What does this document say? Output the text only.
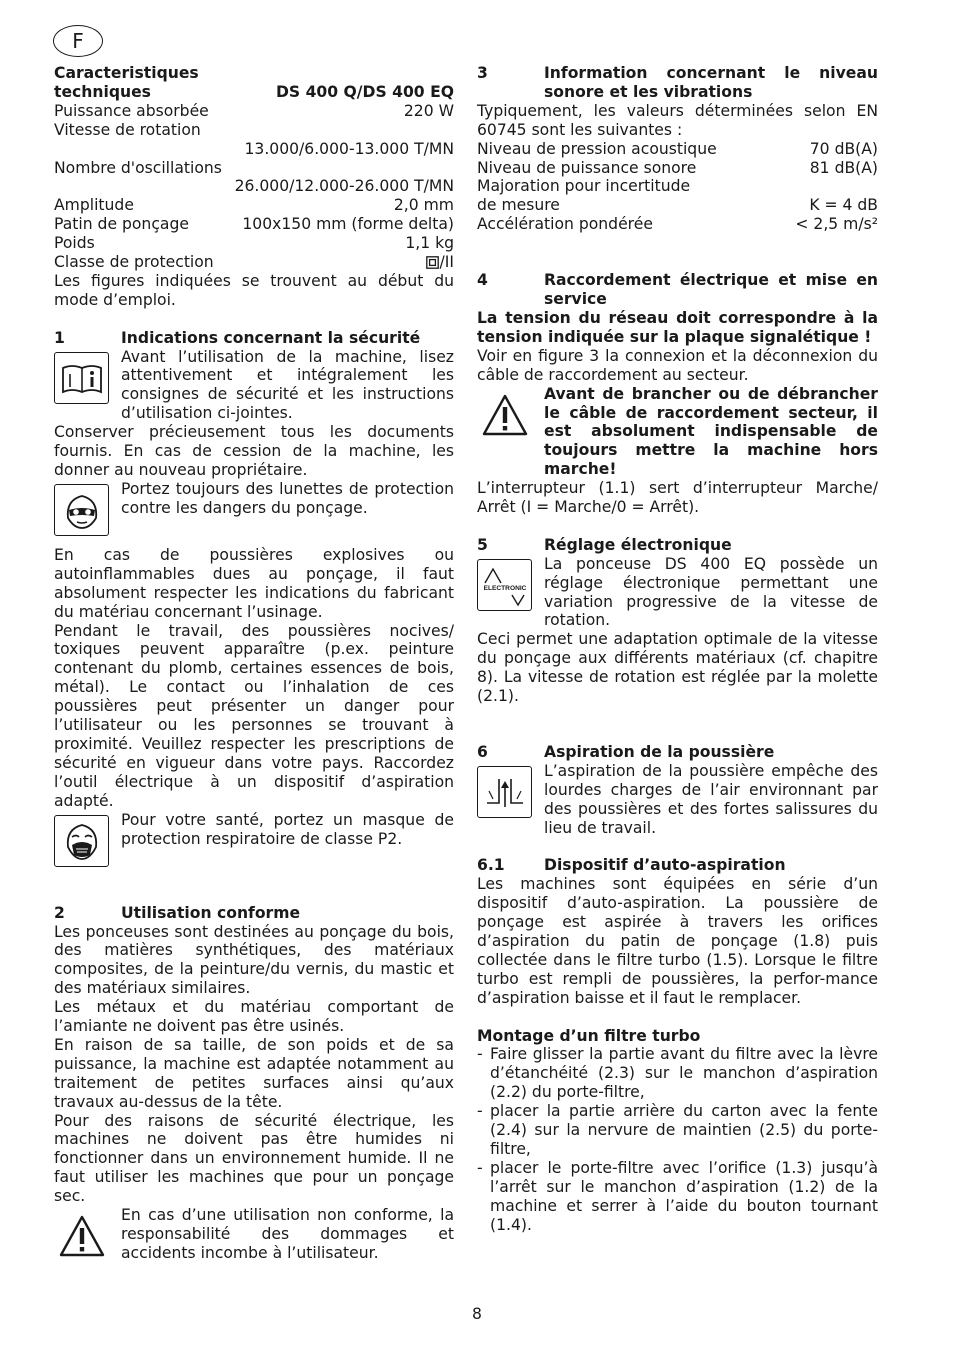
F
Caracteristiques
techniques	DS 400 Q/DS 400 EQ
Puissance absorbée	220 W
Vitesse de rotation
13.000/6.000-13.000 T/MN
Nombre d'oscillations
26.000/12.000-26.000 T/MN
Amplitude	2,0 mm
Patin de ponçage	100x150 mm (forme delta)
Poids	1,1 kg
Classe de protection	/II

Les figures indiquées se trouvent au début du mode d’emploi.

1	Indications concernant la sécurité

Avant l’utilisation de la machine, lisez attentivement et intégralement les consignes de sécurité et les instructions d’utilisation ci-jointes.

Conserver précieusement tous les documents fournis. En cas de cession de la machine, les donner au nouveau propriétaire.

Portez toujours des lunettes de protection contre les dangers du ponçage.

En cas de poussières explosives ou autoinflammables dues au ponçage, il faut absolument respecter les indications du fabricant du matériau concernant l’usinage.

Pendant le travail, des poussières nocives/ toxiques peuvent apparaître (p.ex. peinture contenant du plomb, certaines essences de bois, métal). Le contact ou l’inhalation de ces poussières peut présenter un danger pour l’utilisateur ou les personnes se trouvant à proximité. Veuillez respecter les prescriptions de sécurité en vigueur dans votre pays. Raccordez l’outil électrique à un dispositif d’aspiration adapté.

Pour votre santé, portez un masque de protection respiratoire de classe P2.

2	Utilisation conforme

Les ponceuses sont destinées au ponçage du bois, des matières synthétiques, des matériaux composites, de la peinture/du vernis, du mastic et des matériaux similaires.

Les métaux et du matériau comportant de l’amiante ne doivent pas être usinés.

En raison de sa taille, de son poids et de sa puissance, la machine est adaptée notamment au traitement de petites surfaces ainsi qu’aux travaux au-dessus de la tête.

Pour des raisons de sécurité électrique, les machines ne doivent pas être humides ni fonctionner dans un environnement humide. Il ne faut utiliser les machines que pour un ponçage sec.

En cas d’une utilisation non conforme, la responsabilité des dommages et accidents incombe à l’utilisateur.

3	Information concernant le niveau sonore et les vibrations

Typiquement, les valeurs déterminées selon EN 60745 sont les suivantes :

Niveau de pression acoustique	70 dB(A)
Niveau de puissance sonore	81 dB(A)
Majoration pour incertitude
de mesure	K = 4 dB
Accélération pondérée	< 2,5 m/s²
4	Raccordement électrique et mise en service

La tension du réseau doit correspondre à la tension indiquée sur la plaque signalétique !

Voir en figure 3 la connexion et la déconnexion du câble de raccordement au secteur.

Avant de brancher ou de débrancher le câble de raccordement secteur, il est absolument indispensable de toujours mettre la machine hors marche!

L’interrupteur (1.1) sert d’interrupteur Marche/ Arrêt (I = Marche/0 = Arrêt).

5	Réglage électronique
ELECTRONIC

La ponceuse DS 400 EQ possède un réglage électronique permettant une variation progressive de la vitesse de rotation.

Ceci permet une adaptation optimale de la vitesse du ponçage aux différents matériaux (cf. chapitre 8). La vitesse de rotation est réglée par la molette (2.1).

6	Aspiration de la poussière

L’aspiration de la poussière empêche des lourdes charges de l’air environnant par des poussières et des fortes salissures du lieu de travail.

6.1	Dispositif d’auto-aspiration

Les machines sont équipées en série d’un dispositif d’auto-aspiration. La poussière de ponçage est aspirée à travers les orifices d’aspiration du patin de ponçage (1.8) puis collectée dans le filtre turbo (1.5). Lorsque le filtre turbo est rempli de poussières, la perfor-mance d’aspiration baisse et il faut le remplacer.

Montage d’un filtre turbo
- Faire glisser la partie avant du filtre avec la lèvre d’étanchéité (2.3) sur le manchon d’aspiration (2.2) du porte-filtre,
- placer la partie arrière du carton avec la fente (2.4) sur la nervure de maintien (2.5) du porte-filtre,
- placer le porte-filtre avec l’orifice (1.3) jusqu’à l’arrêt sur le manchon d’aspiration (1.2) de la machine et serrer à l’aide du bouton tournant (1.4).
8
